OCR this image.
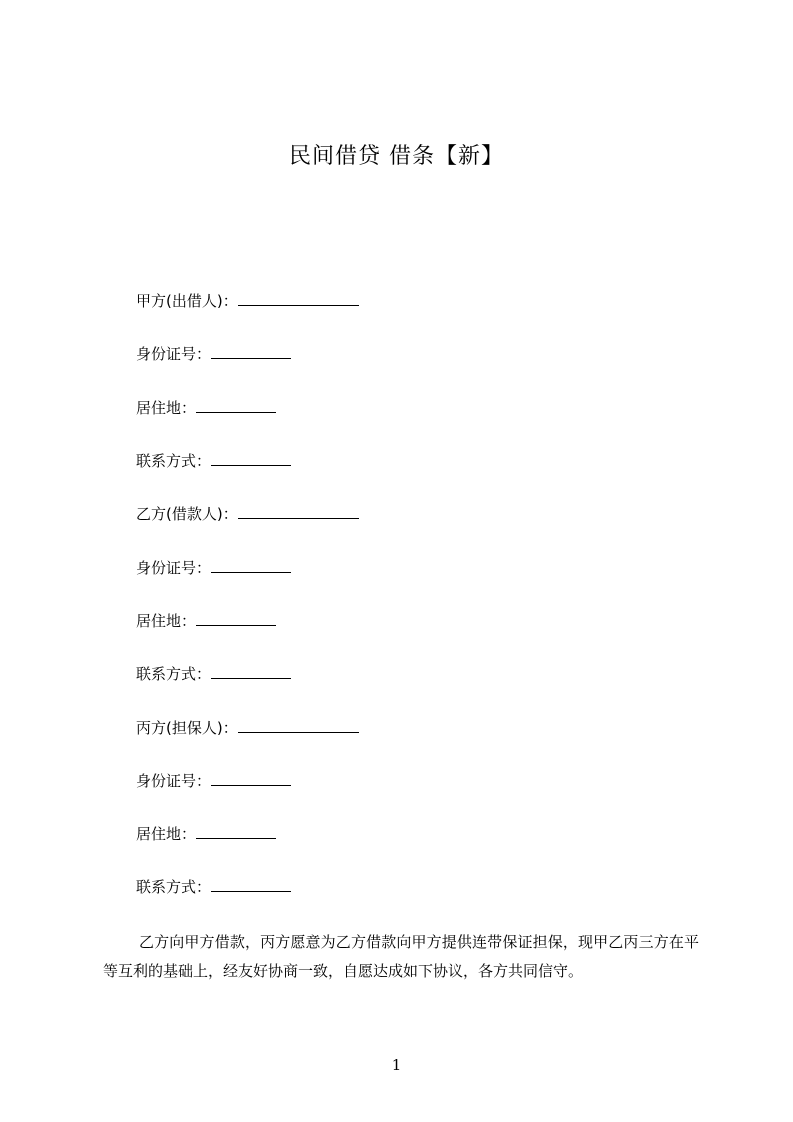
民间借贷 借条【新】
甲方(出借人)：
身份证号：
居住地：
联系方式：
乙方(借款人)：
身份证号：
居住地：
联系方式：
丙方(担保人)：
身份证号：
居住地：
联系方式：
乙方向甲方借款，丙方愿意为乙方借款向甲方提供连带保证担保，现甲乙丙三方在平等互利的基础上，经友好协商一致，自愿达成如下协议，各方共同信守。
1
